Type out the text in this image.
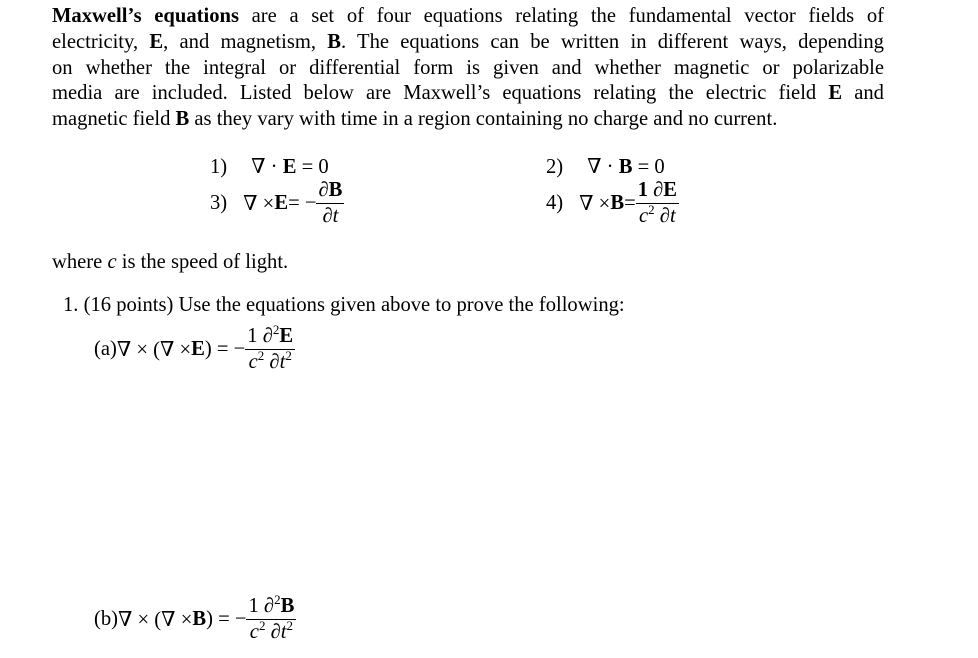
Maxwell’s equations are a set of four equations relating the fundamental vector fields of
electricity, E, and magnetism, B. The equations can be written in different ways, depending
on whether the integral or differential form is given and whether magnetic or polarizable
media are included. Listed below are Maxwell’s equations relating the electric field E and
magnetic field B as they vary with time in a region containing no charge and no current.
1) ∇ · E = 0	2) ∇ · B = 0
3) ∇ × E = − $\frac{\partial B}{\partial t}$	4) ∇ × $B = \frac{1 \partial E}{c^2 \partial t}$
where c is the speed of light.
1. (16 points) Use the equations given above to prove the following:
(a) ∇ × (∇ × E ) = − $\frac{1 \partial^2E}{c^2 \partial t^2}$
(b) ∇ × (∇ × B ) = − $\frac{1 \partial^2B}{c^2 \partial t^2}$
